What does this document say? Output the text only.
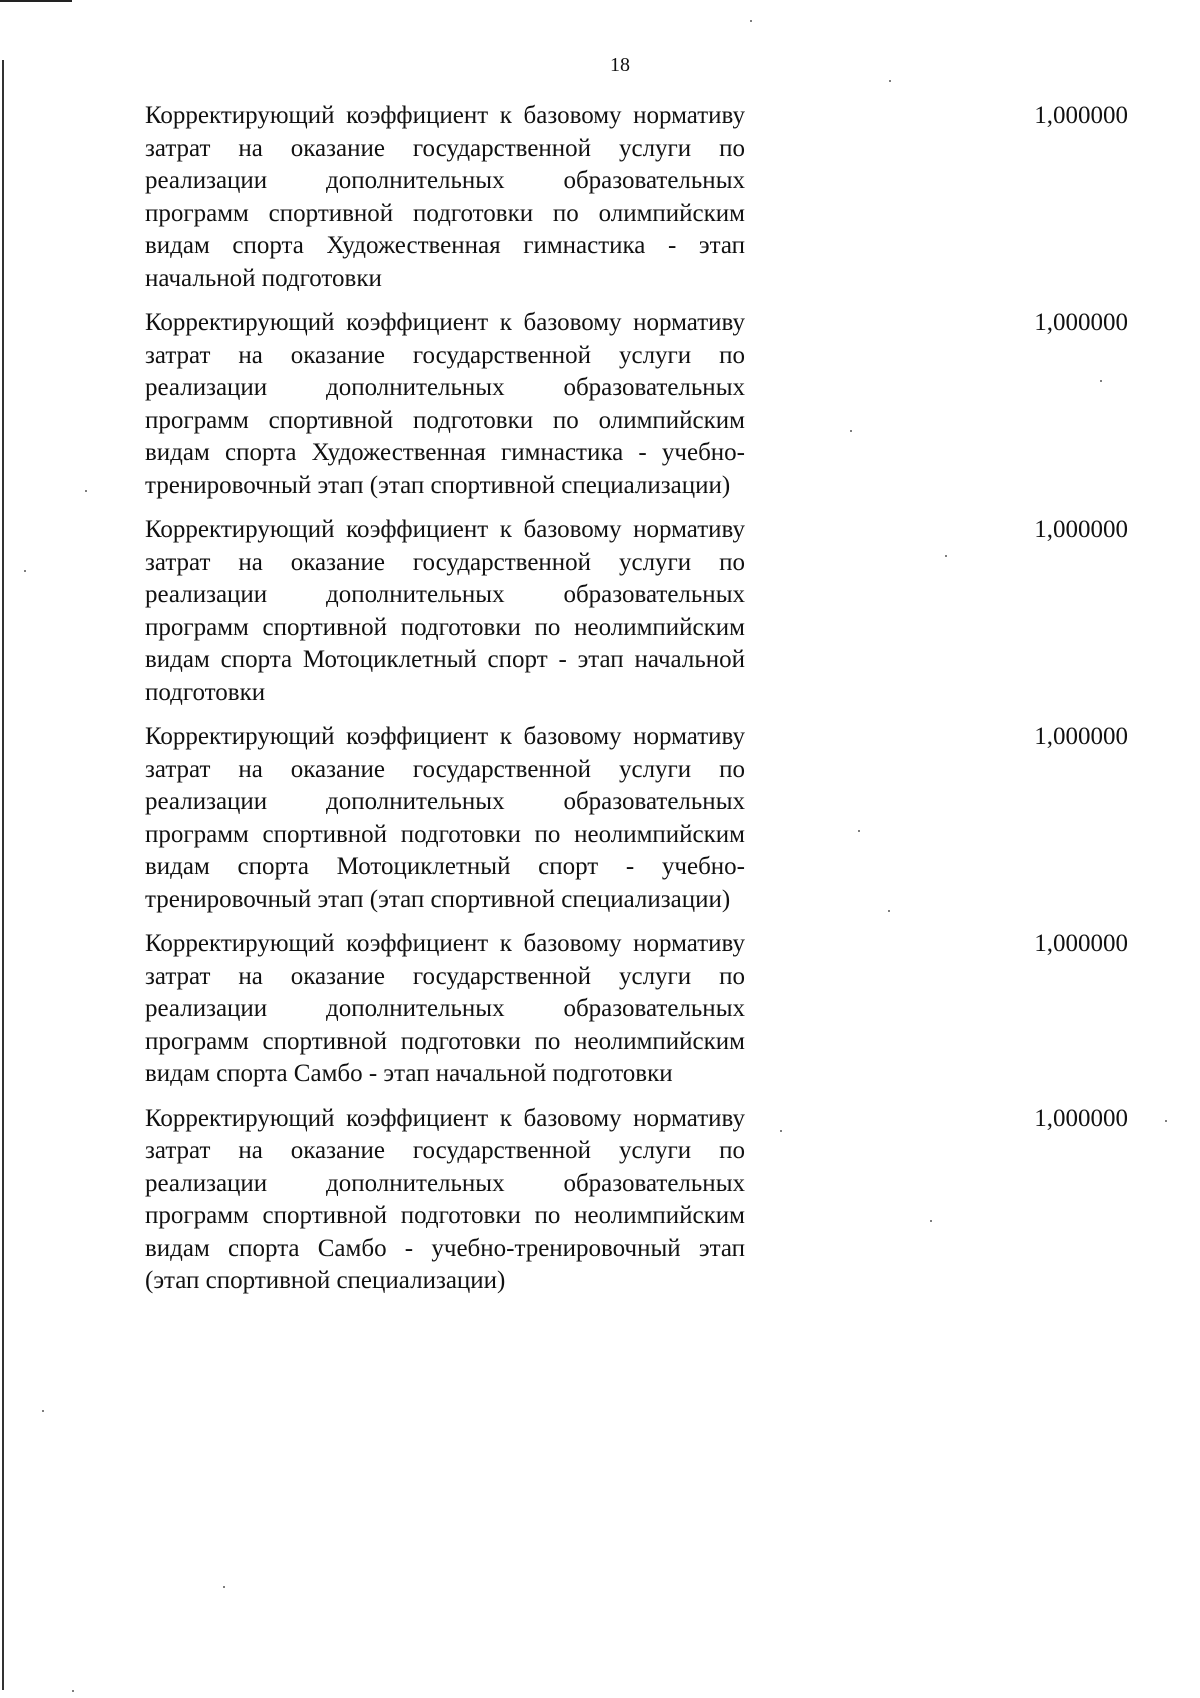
18

Корректирующий коэффициент к базовому нормативу затрат на оказание государственной услуги по реализации дополнительных образовательных программ спортивной подготовки по олимпийским видам спорта Художественная гимнастика - этап начальной подготовки

1,000000

Корректирующий коэффициент к базовому нормативу затрат на оказание государственной услуги по реализации дополнительных образовательных программ спортивной подготовки по олимпийским видам спорта Художественная гимнастика - учебно-тренировочный этап (этап спортивной специализации)

1,000000

Корректирующий коэффициент к базовому нормативу затрат на оказание государственной услуги по реализации дополнительных образовательных программ спортивной подготовки по неолимпийским видам спорта Мотоциклетный спорт - этап начальной подготовки

1,000000

Корректирующий коэффициент к базовому нормативу затрат на оказание государственной услуги по реализации дополнительных образовательных программ спортивной подготовки по неолимпийским видам спорта Мотоциклетный спорт - учебно-тренировочный этап (этап спортивной специализации)

1,000000

Корректирующий коэффициент к базовому нормативу затрат на оказание государственной услуги по реализации дополнительных образовательных программ спортивной подготовки по неолимпийским видам спорта Самбо - этап начальной подготовки

1,000000

Корректирующий коэффициент к базовому нормативу затрат на оказание государственной услуги по реализации дополнительных образовательных программ спортивной подготовки по неолимпийским видам спорта Самбо - учебно-тренировочный этап (этап спортивной специализации)

1,000000
